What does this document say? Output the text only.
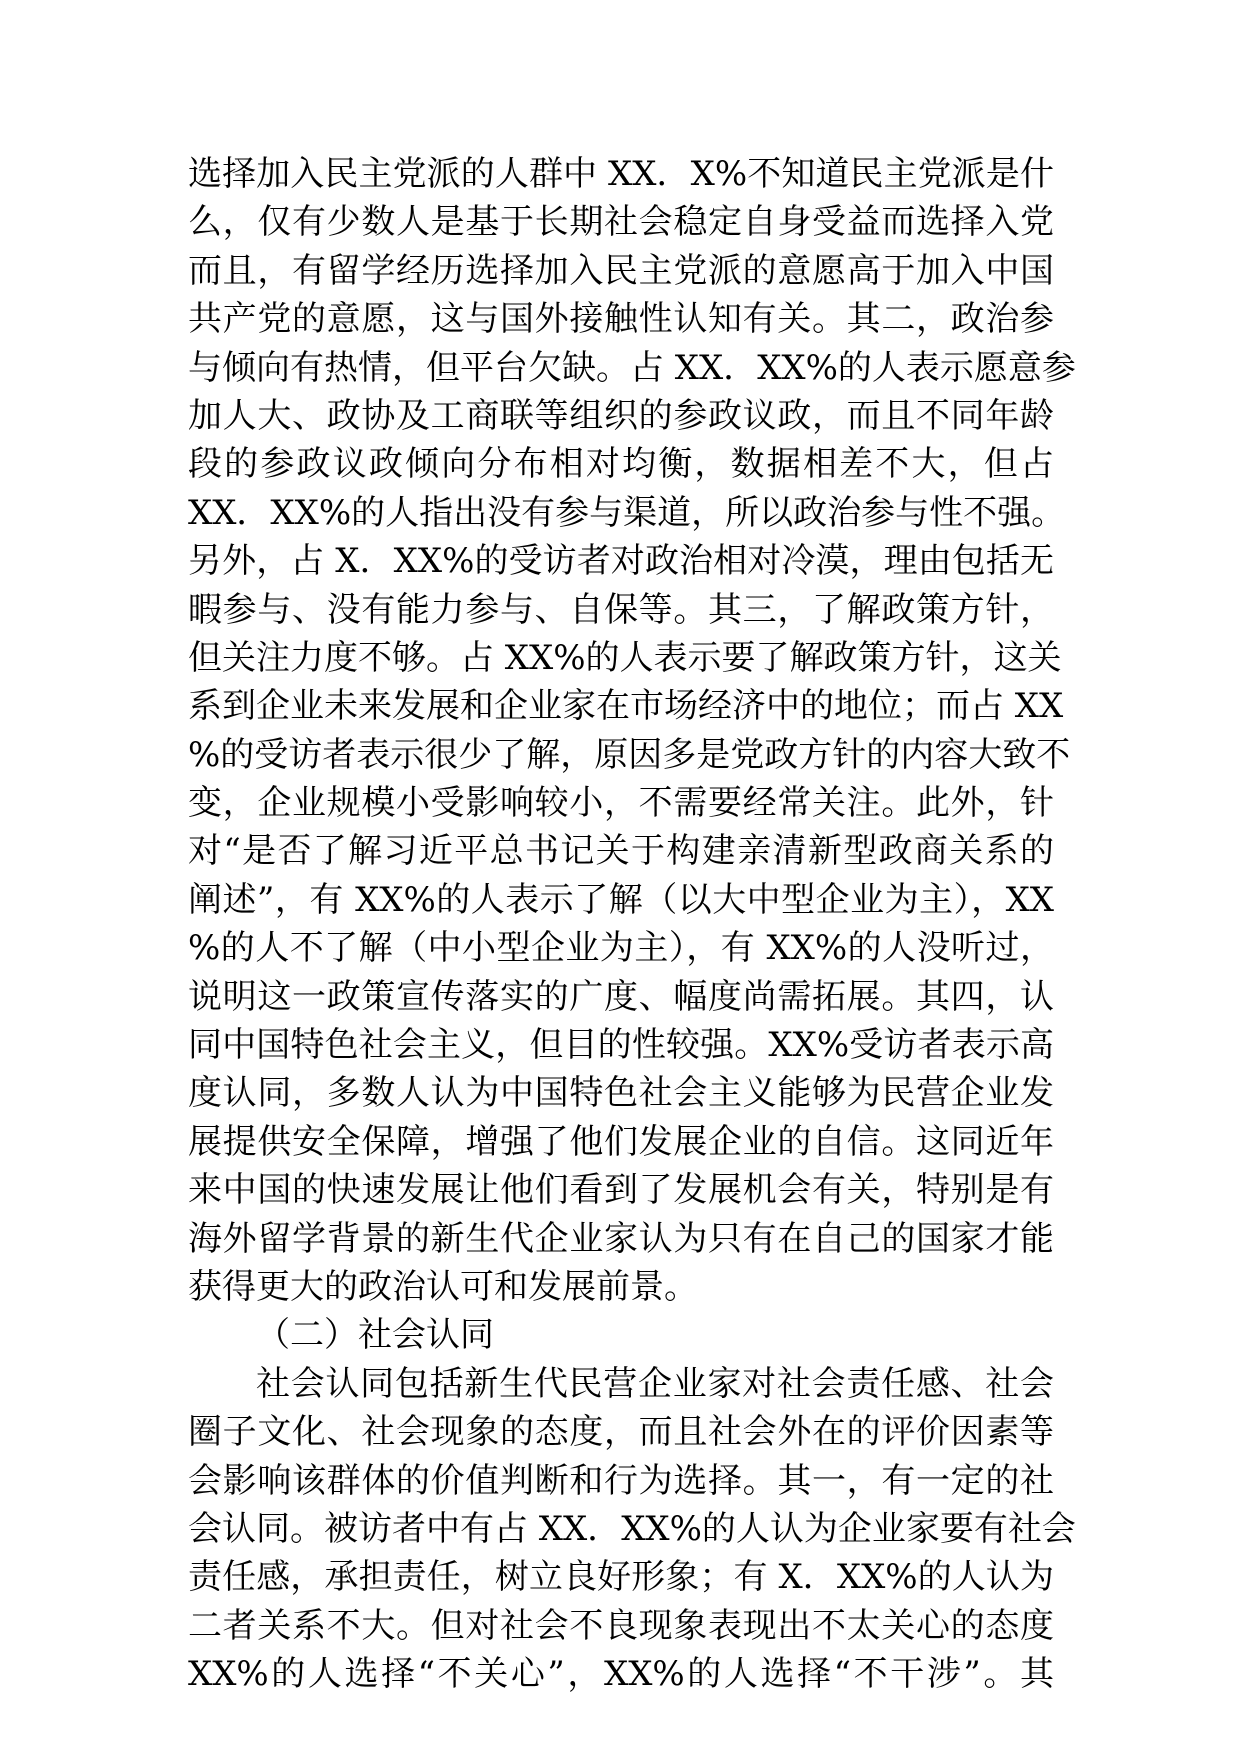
选择加入民主党派的人群中 XX．X%不知道民主党派是什
么，仅有少数人是基于长期社会稳定自身受益而选择入党
而且，有留学经历选择加入民主党派的意愿高于加入中国
共产党的意愿，这与国外接触性认知有关。其二，政治参
与倾向有热情，但平台欠缺。占 XX．XX%的人表示愿意参
加人大、政协及工商联等组织的参政议政，而且不同年龄
段的参政议政倾向分布相对均衡，数据相差不大，但占
XX．XX%的人指出没有参与渠道，所以政治参与性不强。
另外，占 X．XX%的受访者对政治相对冷漠，理由包括无
暇参与、没有能力参与、自保等。其三，了解政策方针，
但关注力度不够。占 XX%的人表示要了解政策方针，这关
系到企业未来发展和企业家在市场经济中的地位；而占 XX
%的受访者表示很少了解，原因多是党政方针的内容大致不
变，企业规模小受影响较小，不需要经常关注。此外，针
对“是否了解习近平总书记关于构建亲清新型政商关系的
阐述”，有 XX%的人表示了解（以大中型企业为主），XX
%的人不了解（中小型企业为主），有 XX%的人没听过，
说明这一政策宣传落实的广度、幅度尚需拓展。其四，认
同中国特色社会主义，但目的性较强。XX%受访者表示高
度认同，多数人认为中国特色社会主义能够为民营企业发
展提供安全保障，增强了他们发展企业的自信。这同近年
来中国的快速发展让他们看到了发展机会有关，特别是有
海外留学背景的新生代企业家认为只有在自己的国家才能
获得更大的政治认可和发展前景。
（二）社会认同
社会认同包括新生代民营企业家对社会责任感、社会
圈子文化、社会现象的态度，而且社会外在的评价因素等
会影响该群体的价值判断和行为选择。其一，有一定的社
会认同。被访者中有占 XX．XX%的人认为企业家要有社会
责任感，承担责任，树立良好形象；有 X．XX%的人认为
二者关系不大。但对社会不良现象表现出不太关心的态度
XX%的人选择“不关心”，XX%的人选择“不干涉”。其
